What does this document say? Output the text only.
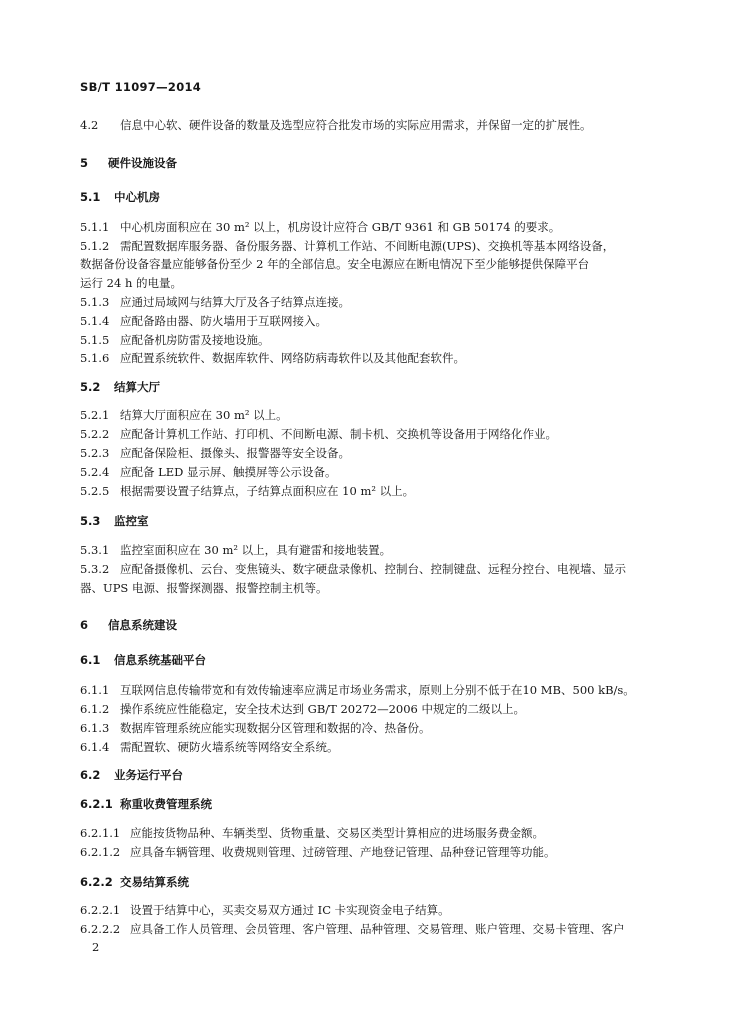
SB/T 11097—2014
4.2 信息中心软、硬件设备的数量及选型应符合批发市场的实际应用需求，并保留一定的扩展性。
5 硬件设施设备
5.1 中心机房
5.1.1 中心机房面积应在 30 m² 以上，机房设计应符合 GB/T 9361 和 GB 50174 的要求。
5.1.2 需配置数据库服务器、备份服务器、计算机工作站、不间断电源(UPS)、交换机等基本网络设备，
数据备份设备容量应能够备份至少 2 年的全部信息。安全电源应在断电情况下至少能够提供保障平台
运行 24 h 的电量。
5.1.3 应通过局域网与结算大厅及各子结算点连接。
5.1.4 应配备路由器、防火墙用于互联网接入。
5.1.5 应配备机房防雷及接地设施。
5.1.6 应配置系统软件、数据库软件、网络防病毒软件以及其他配套软件。
5.2 结算大厅
5.2.1 结算大厅面积应在 30 m² 以上。
5.2.2 应配备计算机工作站、打印机、不间断电源、制卡机、交换机等设备用于网络化作业。
5.2.3 应配备保险柜、摄像头、报警器等安全设备。
5.2.4 应配备 LED 显示屏、触摸屏等公示设备。
5.2.5 根据需要设置子结算点，子结算点面积应在 10 m² 以上。
5.3 监控室
5.3.1 监控室面积应在 30 m² 以上，具有避雷和接地装置。
5.3.2 应配备摄像机、云台、变焦镜头、数字硬盘录像机、控制台、控制键盘、远程分控台、电视墙、显示
器、UPS 电源、报警探测器、报警控制主机等。
6 信息系统建设
6.1 信息系统基础平台
6.1.1 互联网信息传输带宽和有效传输速率应满足市场业务需求，原则上分别不低于在10 MB、500 kB/s。
6.1.2 操作系统应性能稳定，安全技术达到 GB/T 20272—2006 中规定的二级以上。
6.1.3 数据库管理系统应能实现数据分区管理和数据的冷、热备份。
6.1.4 需配置软、硬防火墙系统等网络安全系统。
6.2 业务运行平台
6.2.1 称重收费管理系统
6.2.1.1 应能按货物品种、车辆类型、货物重量、交易区类型计算相应的进场服务费金额。
6.2.1.2 应具备车辆管理、收费规则管理、过磅管理、产地登记管理、品种登记管理等功能。
6.2.2 交易结算系统
6.2.2.1 设置于结算中心，买卖交易双方通过 IC 卡实现资金电子结算。
6.2.2.2 应具备工作人员管理、会员管理、客户管理、品种管理、交易管理、账户管理、交易卡管理、客户
2
